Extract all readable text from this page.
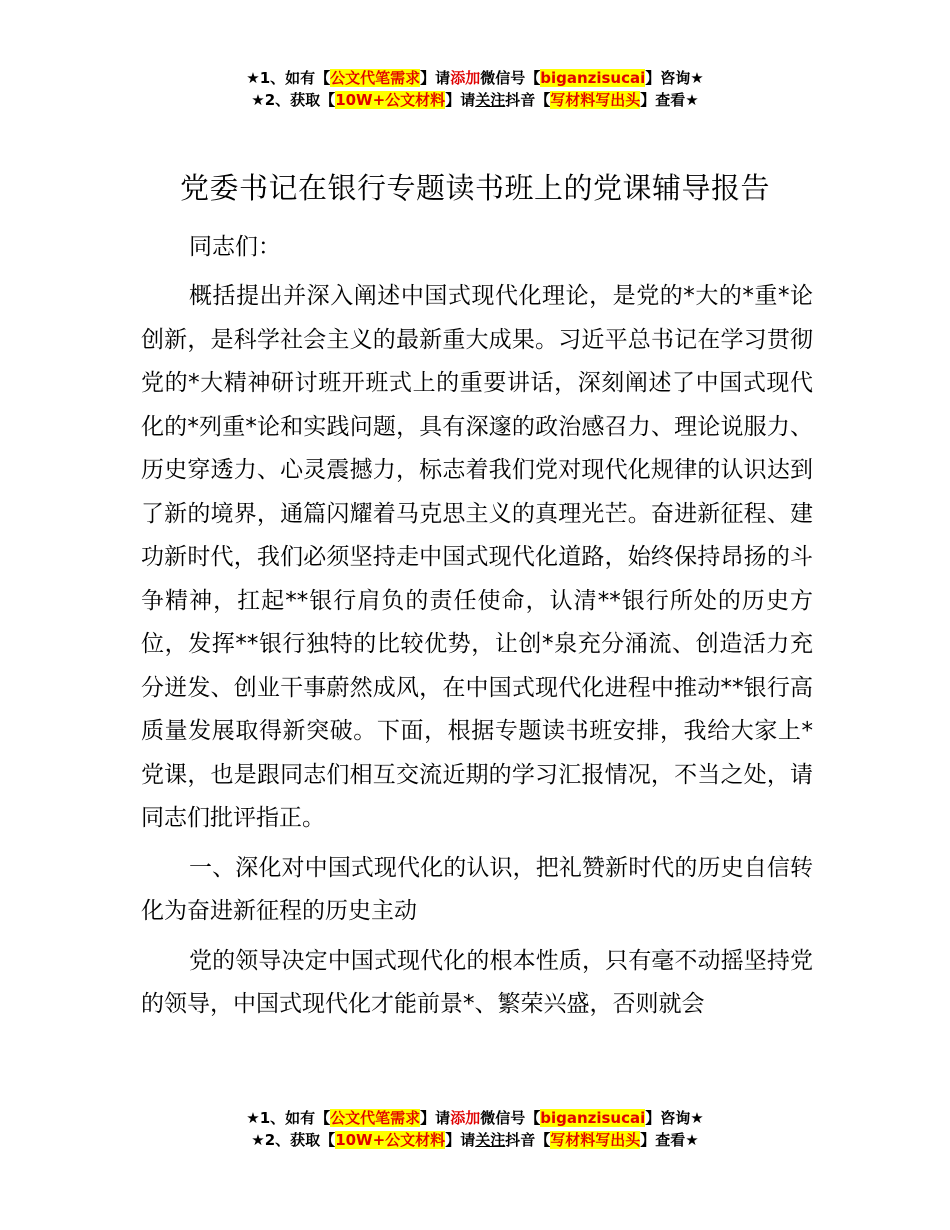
★1、如有【公文代笔需求】请添加微信号【biganzisucai】咨询★
★2、获取【10W+公文材料】请关注抖音【写材料写出头】查看★
党委书记在银行专题读书班上的党课辅导报告

同志们：

概括提出并深入阐述中国式现代化理论，是党的*大的*重*论创新，是科学社会主义的最新重大成果。习近平总书记在学习贯彻党的*大精神研讨班开班式上的重要讲话，深刻阐述了中国式现代化的*列重*论和实践问题，具有深邃的政治感召力、理论说服力、历史穿透力、心灵震撼力，标志着我们党对现代化规律的认识达到了新的境界，通篇闪耀着马克思主义的真理光芒。奋进新征程、建功新时代，我们必须坚持走中国式现代化道路，始终保持昂扬的斗争精神，扛起**银行肩负的责任使命，认清**银行所处的历史方位，发挥**银行独特的比较优势，让创*泉充分涌流、创造活力充分迸发、创业干事蔚然成风，在中国式现代化进程中推动**银行高质量发展取得新突破。下面，根据专题读书班安排，我给大家上*党课，也是跟同志们相互交流近期的学习汇报情况，不当之处，请同志们批评指正。

一、深化对中国式现代化的认识，把礼赞新时代的历史自信转化为奋进新征程的历史主动

党的领导决定中国式现代化的根本性质，只有毫不动摇坚持党的领导，中国式现代化才能前景*、繁荣兴盛，否则就会

★1、如有【公文代笔需求】请添加微信号【biganzisucai】咨询★
★2、获取【10W+公文材料】请关注抖音【写材料写出头】查看★
